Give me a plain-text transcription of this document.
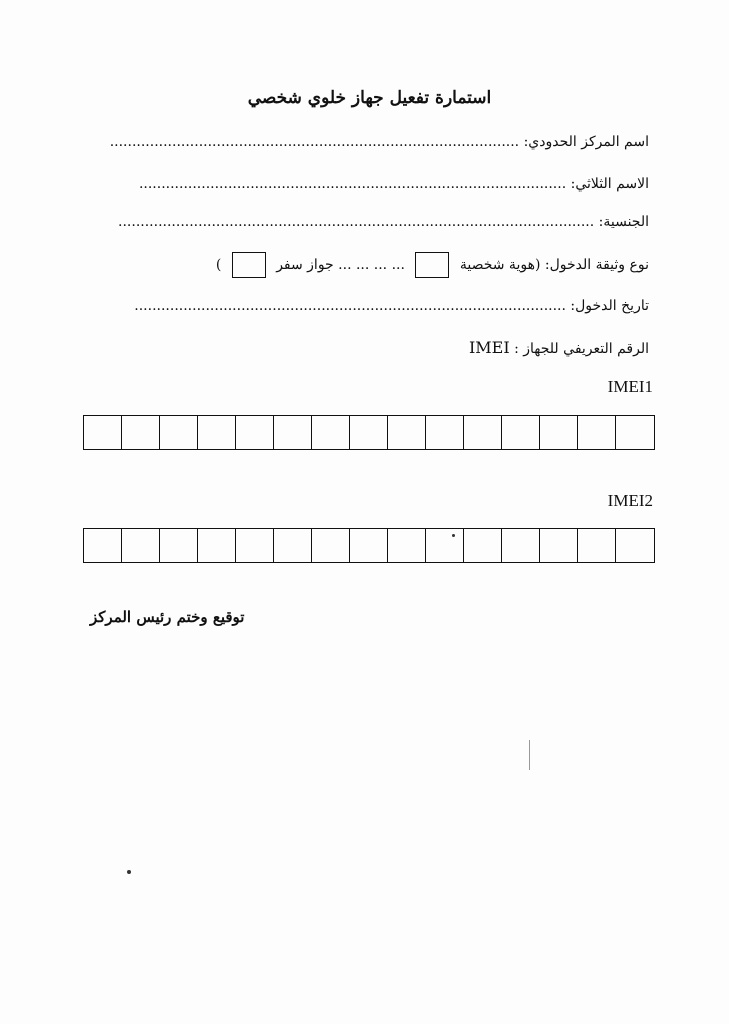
استمارة تفعيل جهاز خلوي شخصي
اسم المركز الحدودي: ............................................................................................
الاسم الثلاثي: ................................................................................................
الجنسية: ...........................................................................................................
نوع وثيقة الدخول: (هوية شخصية  ... ... ... ... جواز سفر  )
تاريخ الدخول: .................................................................................................
الرقم التعريفي للجهاز : IMEI
IMEI1
IMEI2
توقيع وختم رئيس المركز
